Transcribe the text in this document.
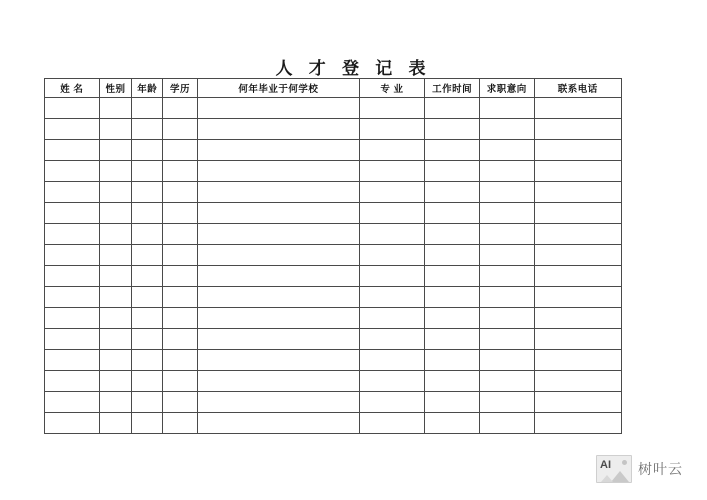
人 才 登 记 表
姓 名	性别	年龄	学历	何年毕业于何学校	专 业	工作时间	求职意向	联系电话

AI 树叶云
